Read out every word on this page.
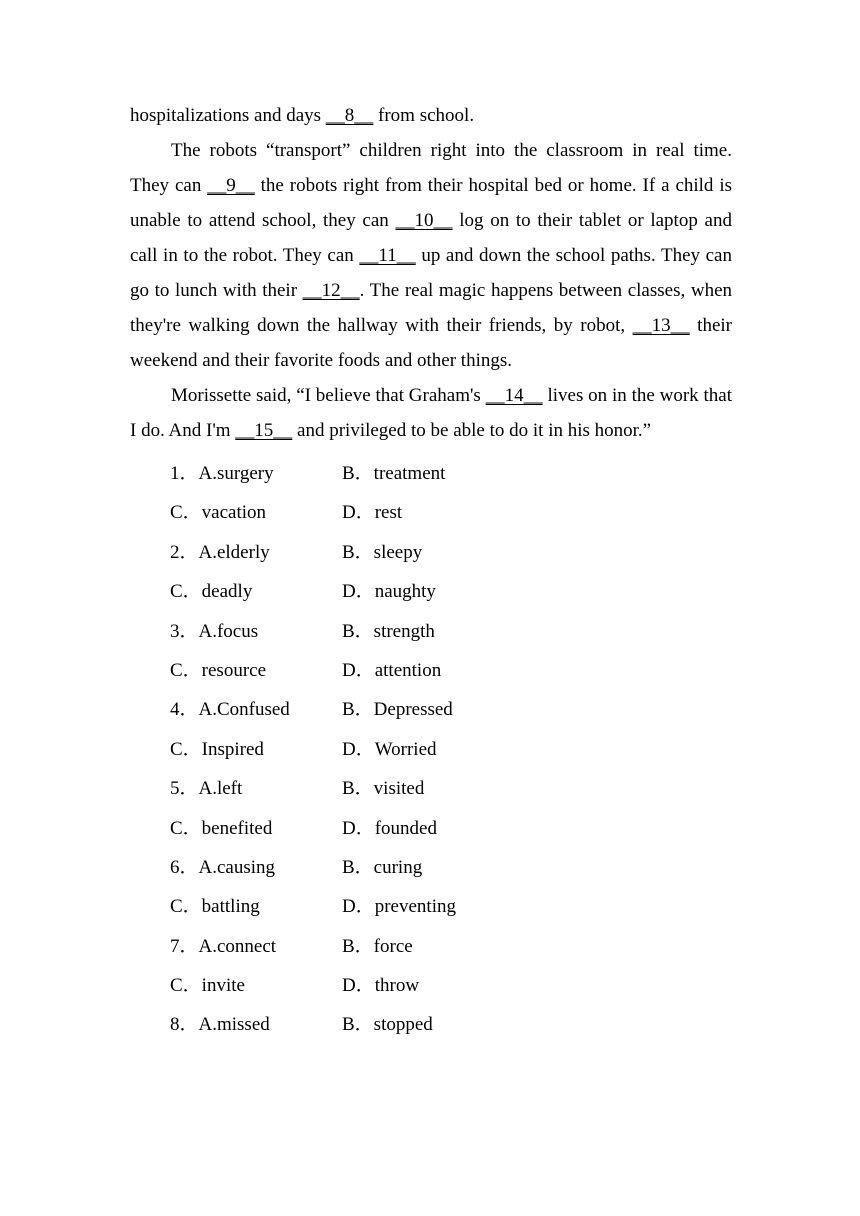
hospitalizations and days __8__ from school.

The robots “transport” children right into the classroom in real time. They can __9__ the robots right from their hospital bed or home. If a child is unable to attend school, they can __10__ log on to their tablet or laptop and call in to the robot. They can __11__ up and down the school paths. They can go to lunch with their __12__. The real magic happens between classes, when they're walking down the hallway with their friends, by robot, __13__ their weekend and their favorite foods and other things.

Morissette said, “I believe that Graham's __14__ lives on in the work that I do. And I'm __15__ and privileged to be able to do it in his honor.”

1．A.surgery	B．treatment
C．vacation	D．rest
2．A.elderly	B．sleepy
C．deadly	D．naughty
3．A.focus	B．strength
C．resource	D．attention
4．A.Confused	B．Depressed
C．Inspired	D．Worried
5．A.left	B．visited
C．benefited	D．founded
6．A.causing	B．curing
C．battling	D．preventing
7．A.connect	B．force
C．invite	D．throw
8．A.missed	B．stopped
